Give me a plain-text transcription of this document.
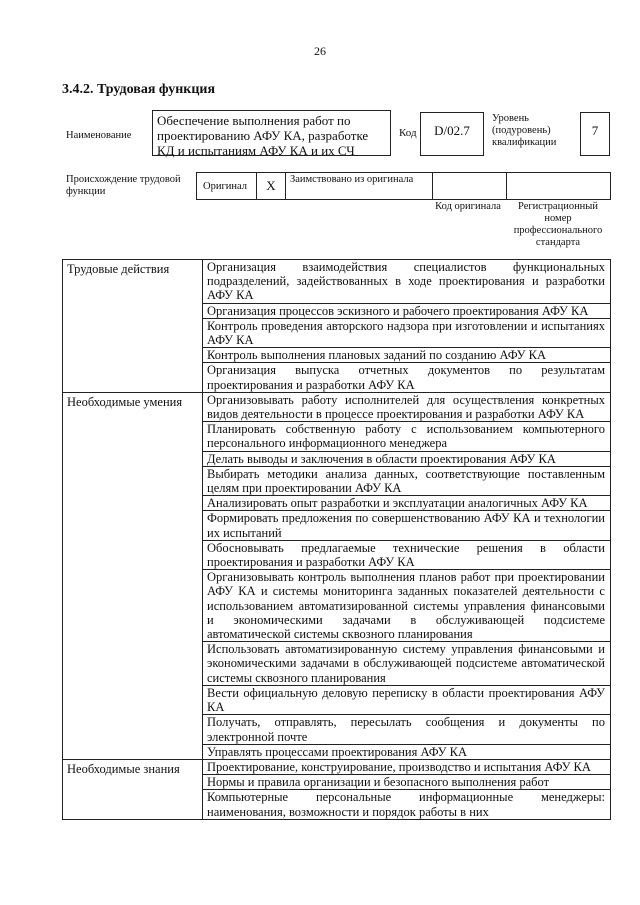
26
3.4.2. Трудовая функция
Наименование
Обеспечение выполнения работ по проектированию АФУ КА, разработке КД и испытаниям АФУ КА и их СЧ
Код	D/02.7
Уровень (подуровень) квалификации
7
Происхождение трудовой функции	Оригинал	X	Заимствовано из оригинала
Код оригинала	Регистрационный номер профессионального стандарта
Трудовые действия	Организация взаимодействия специалистов функциональных подразделений, задействованных в ходе проектирования и разработки АФУ КА
	Организация процессов эскизного и рабочего проектирования АФУ КА
	Контроль проведения авторского надзора при изготовлении и испытаниях АФУ КА
	Контроль выполнения плановых заданий по созданию АФУ КА
	Организация выпуска отчетных документов по результатам проектирования и разработки АФУ КА
Необходимые умения	Организовывать работу исполнителей для осуществления конкретных видов деятельности в процессе проектирования и разработки АФУ КА
	Планировать собственную работу с использованием компьютерного персонального информационного менеджера
	Делать выводы и заключения в области проектирования АФУ КА
	Выбирать методики анализа данных, соответствующие поставленным целям при проектировании АФУ КА
	Анализировать опыт разработки и эксплуатации аналогичных АФУ КА
	Формировать предложения по совершенствованию АФУ КА и технологии их испытаний
	Обосновывать предлагаемые технические решения в области проектирования и разработки АФУ КА
	Организовывать контроль выполнения планов работ при проектировании АФУ КА и системы мониторинга заданных показателей деятельности с использованием автоматизированной системы управления финансовыми и экономическими задачами в обслуживающей подсистеме автоматической системы сквозного планирования
	Использовать автоматизированную систему управления финансовыми и экономическими задачами в обслуживающей подсистеме автоматической системы сквозного планирования
	Вести официальную деловую переписку в области проектирования АФУ КА
	Получать, отправлять, пересылать сообщения и документы по электронной почте
	Управлять процессами проектирования АФУ КА
Необходимые знания	Проектирование, конструирование, производство и испытания АФУ КА
	Нормы и правила организации и безопасного выполнения работ
	Компьютерные персональные информационные менеджеры: наименования, возможности и порядок работы в них
